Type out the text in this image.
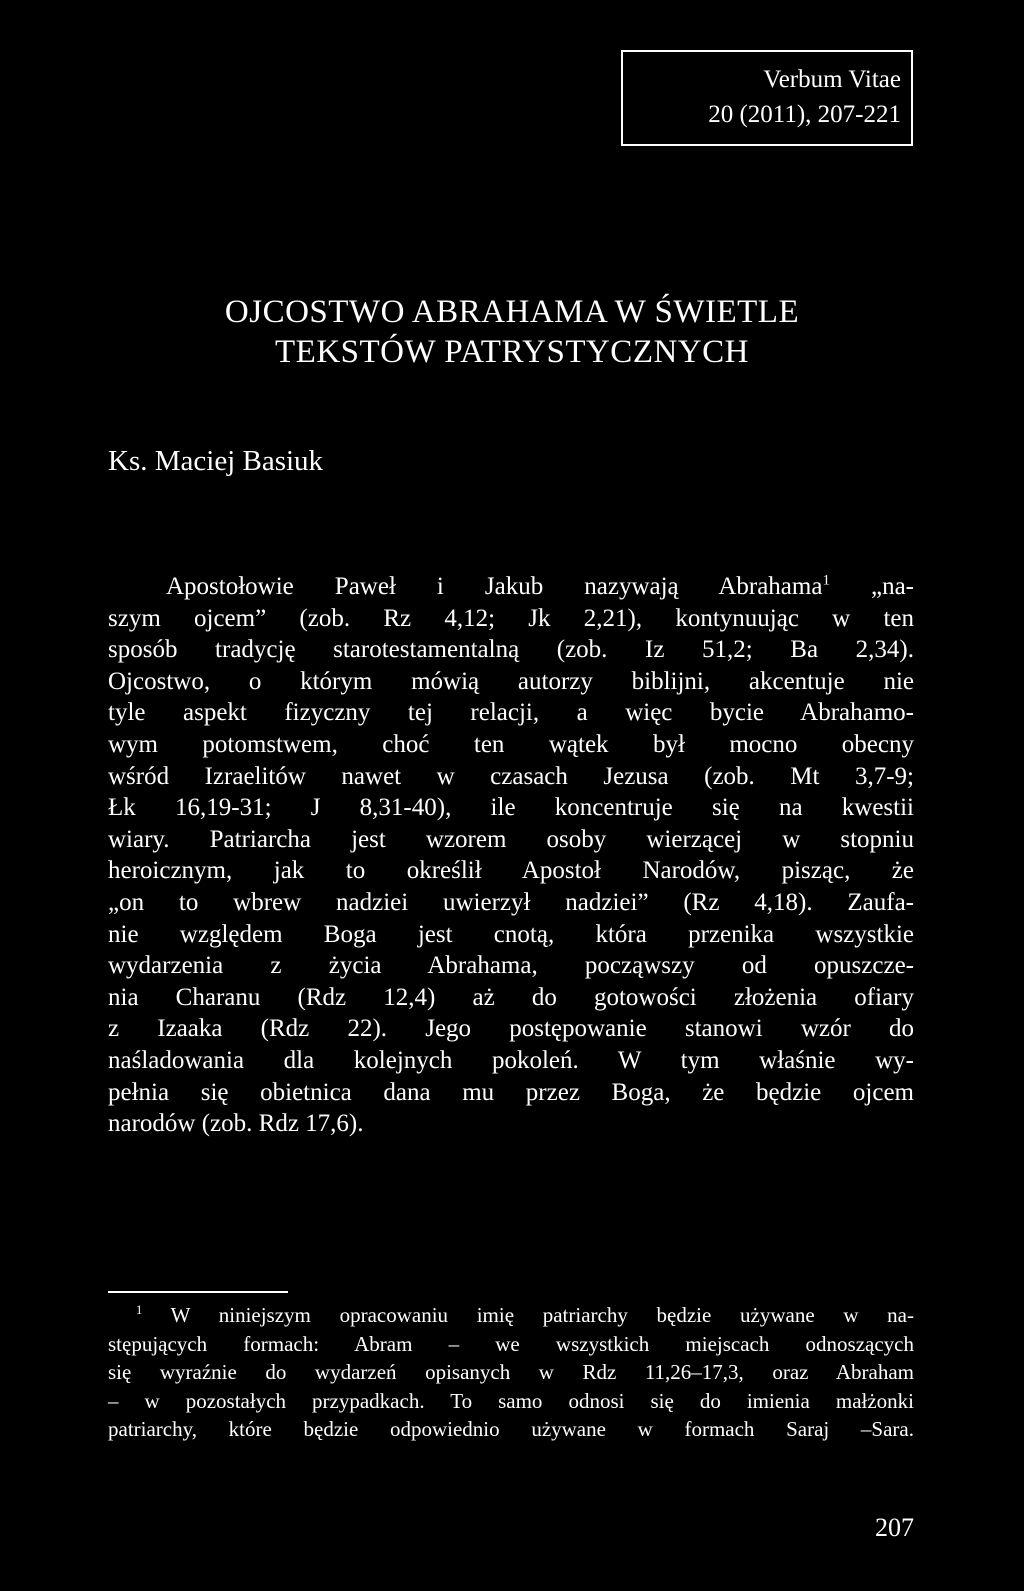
Verbum Vitae
20 (2011), 207-221
OJCOSTWO ABRAHAMA W ŚWIETLE
TEKSTÓW PATRYSTYCZNYCH
Ks. Maciej Basiuk
Apostołowie Paweł i Jakub nazywają Abrahama$^1$ „na-
szym ojcem” (zob. Rz 4,12; Jk 2,21), kontynuując w ten
sposób tradycję starotestamentalną (zob. Iz 51,2; Ba 2,34).
Ojcostwo, o którym mówią autorzy biblijni, akcentuje nie
tyle aspekt fizyczny tej relacji, a więc bycie Abrahamo-
wym potomstwem, choć ten wątek był mocno obecny
wśród Izraelitów nawet w czasach Jezusa (zob. Mt 3,7-9;
Łk 16,19-31; J 8,31-40), ile koncentruje się na kwestii
wiary. Patriarcha jest wzorem osoby wierzącej w stopniu
heroicznym, jak to określił Apostoł Narodów, pisząc, że
„on to wbrew nadziei uwierzył nadziei” (Rz 4,18). Zaufa-
nie względem Boga jest cnotą, która przenika wszystkie
wydarzenia z życia Abrahama, począwszy od opuszcze-
nia Charanu (Rdz 12,4) aż do gotowości złożenia ofiary
z Izaaka (Rdz 22). Jego postępowanie stanowi wzór do
naśladowania dla kolejnych pokoleń. W tym właśnie wy-
pełnia się obietnica dana mu przez Boga, że będzie ojcem
narodów (zob. Rdz 17,6).
$^1$ W niniejszym opracowaniu imię patriarchy będzie używane w na-
stępujących formach: Abram – we wszystkich miejscach odnoszących
się wyraźnie do wydarzeń opisanych w Rdz 11,26–17,3, oraz Abraham
– w pozostałych przypadkach. To samo odnosi się do imienia małżonki
patriarchy, które będzie odpowiednio używane w formach Saraj –Sara.
207
